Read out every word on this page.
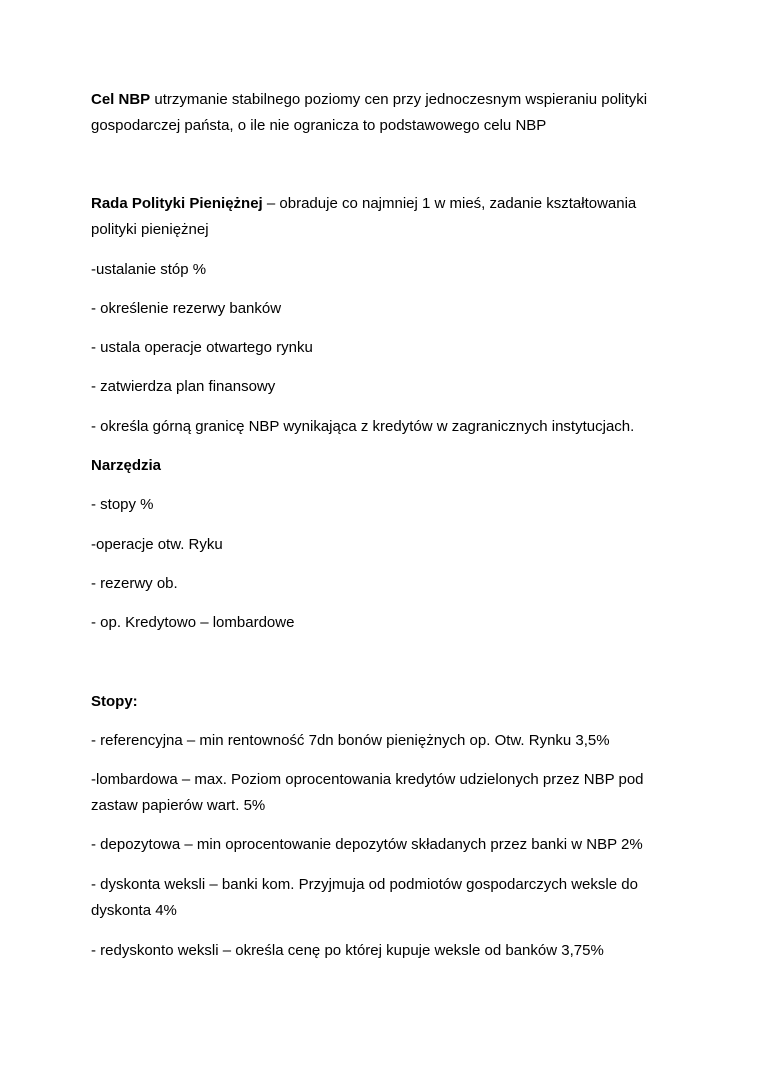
Cel NBP utrzymanie stabilnego poziomy cen przy jednoczesnym wspieraniu polityki
gospodarczej państa, o ile nie ogranicza to podstawowego celu NBP
Rada Polityki Pieniężnej – obraduje co najmniej 1 w mieś, zadanie kształtowania
polityki pieniężnej
-ustalanie stóp %
- określenie rezerwy banków
- ustala operacje otwartego rynku
- zatwierdza plan finansowy
- określa górną granicę NBP wynikająca z kredytów w zagranicznych instytucjach.
Narzędzia
- stopy %
-operacje otw. Ryku
- rezerwy ob.
- op. Kredytowo – lombardowe
Stopy:
- referencyjna – min rentowność 7dn bonów pieniężnych op. Otw. Rynku 3,5%
-lombardowa – max. Poziom oprocentowania kredytów udzielonych przez NBP pod
zastaw papierów wart. 5%
- depozytowa – min oprocentowanie depozytów składanych przez banki w NBP 2%
- dyskonta weksli – banki kom. Przyjmuja od podmiotów gospodarczych weksle do
dyskonta 4%
- redyskonto weksli – określa cenę po której kupuje weksle od banków 3,75%
